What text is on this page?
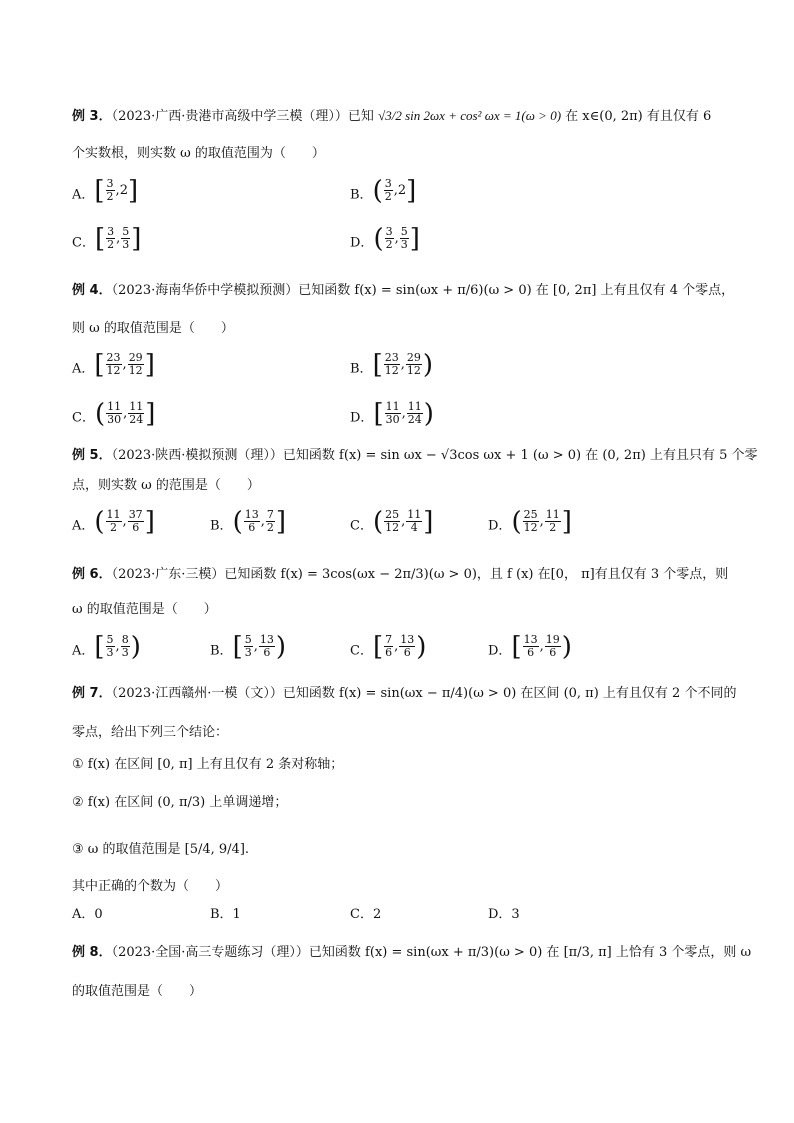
例 3．（2023·广西·贵港市高级中学三模（理））已知 √3/2 sin 2ωx + cos² ωx = 1(ω > 0) 在 x∈(0, 2π) 有且仅有 6
个实数根，则实数 ω 的取值范围为（　　）
A． [ $\frac{3}{2}$ , 2 ]	B． ( $\frac{3}{2}$ , 2 ]
C． [ $\frac{3}{2}$ , $\frac{5}{3}$ ]	D． ( $\frac{3}{2}$ , $\frac{5}{3}$ ]
例 4．（2023·海南华侨中学模拟预测）已知函数 f(x) = sin(ωx + π/6)(ω > 0) 在 [0, 2π] 上有且仅有 4 个零点，
则 ω 的取值范围是（　　）
A． [ $\frac{23}{12}$ , $\frac{29}{12}$ ]	B． [ $\frac{23}{12}$ , $\frac{29}{12}$ )
C． ( $\frac{11}{30}$ , $\frac{11}{24}$ ]	D． [ $\frac{11}{30}$ , $\frac{11}{24}$ )
例 5．（2023·陕西·模拟预测（理））已知函数 f(x) = sin ωx − √3cos ωx + 1 (ω > 0) 在 (0, 2π) 上有且只有 5 个零
点，则实数 ω 的范围是（　　）
A． ( $\frac{11}{2}$ , $\frac{37}{6}$ ]	B． ( $\frac{13}{6}$ , $\frac{7}{2}$ ]	C． ( $\frac{25}{12}$ , $\frac{11}{4}$ ]	D． ( $\frac{25}{12}$ , $\frac{11}{2}$ ]
例 6．（2023·广东·三模）已知函数 f(x) = 3cos(ωx − 2π/3)(ω > 0)，且 f (x) 在[0， π]有且仅有 3 个零点，则
ω 的取值范围是（　　）
A． [ $\frac{5}{3}$ , $\frac{8}{3}$ )	B． [ $\frac{5}{3}$ , $\frac{13}{6}$ )	C． [ $\frac{7}{6}$ , $\frac{13}{6}$ )	D． [ $\frac{13}{6}$ , $\frac{19}{6}$ )
例 7．（2023·江西赣州·一模（文））已知函数 f(x) = sin(ωx − π/4)(ω > 0) 在区间 (0, π) 上有且仅有 2 个不同的
零点，给出下列三个结论：
① f(x) 在区间 [0, π] 上有且仅有 2 条对称轴；
② f(x) 在区间 (0, π/3) 上单调递增；
③ ω 的取值范围是 [5/4, 9/4].
其中正确的个数为（　　）
A．0	B．1	C．2	D．3
例 8．（2023·全国·高三专题练习（理））已知函数 f(x) = sin(ωx + π/3)(ω > 0) 在 [π/3, π] 上恰有 3 个零点，则 ω
的取值范围是（　　）
